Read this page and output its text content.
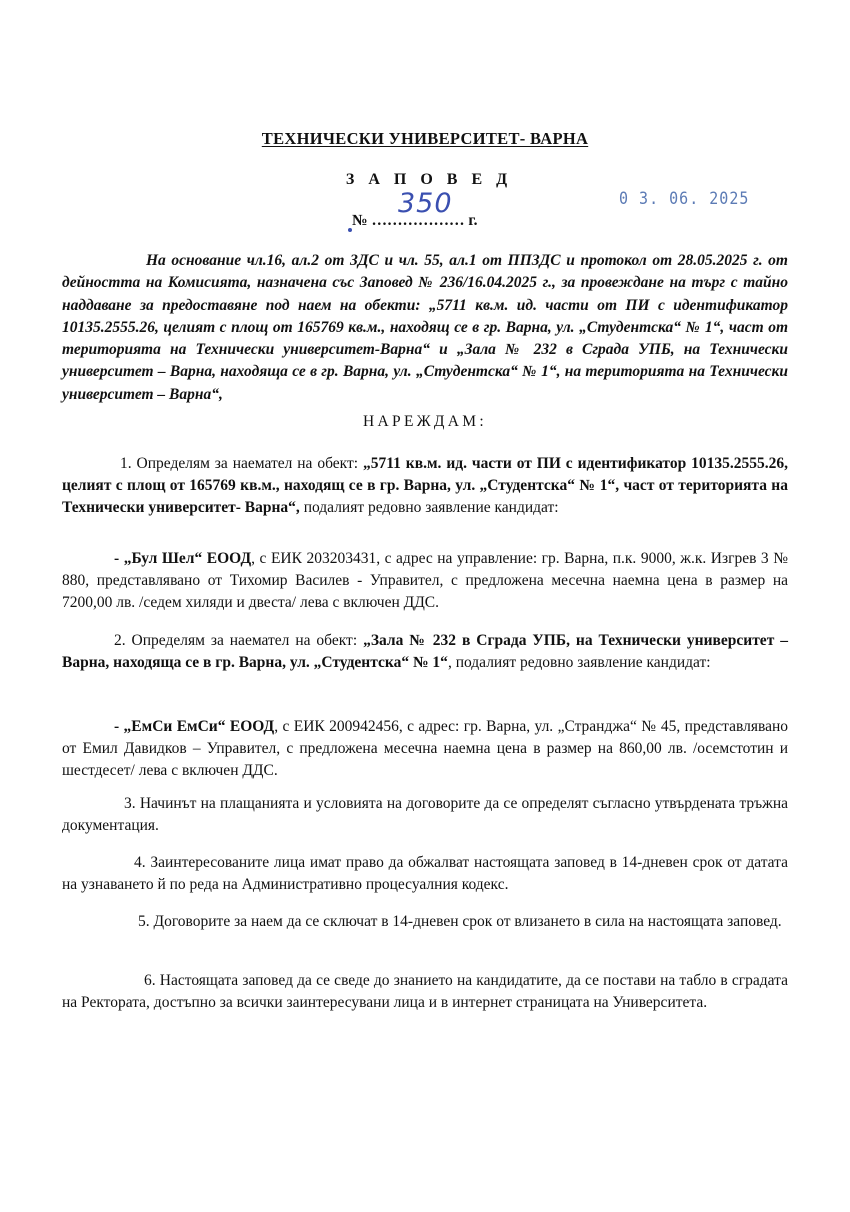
ТЕХНИЧЕСКИ УНИВЕРСИТЕТ- ВАРНА
З А П О В Е Д
№ ……………… г.
350	0 3. 06. 2025

На основание чл.16, ал.2 от ЗДС и чл. 55, ал.1 от ППЗДС и протокол от 28.05.2025 г. от дейността на Комисията, назначена със Заповед № 236/16.04.2025 г., за провеждане на търг с тайно наддаване за предоставяне под наем на обекти: „5711 кв.м. ид. части от ПИ с идентификатор 10135.2555.26, целият с площ от 165769 кв.м., находящ се в гр. Варна, ул. „Студентска“ № 1“, част от територията на Технически университет-Варна“ и „Зала № 232 в Сграда УПБ, на Технически университет – Варна, находяща се в гр. Варна, ул. „Студентска“ № 1“, на територията на Технически университет – Варна“,

НАРЕЖДАМ:

1. Определям за наемател на обект: „5711 кв.м. ид. части от ПИ с идентификатор 10135.2555.26, целият с площ от 165769 кв.м., находящ се в гр. Варна, ул. „Студентска“ № 1“, част от територията на Технически университет- Варна“, подалият редовно заявление кандидат:

- „Бул Шел“ ЕООД, с ЕИК 203203431, с адрес на управление: гр. Варна, п.к. 9000, ж.к. Изгрев 3 № 880, представлявано от Тихомир Василев - Управител, с предложена месечна наемна цена в размер на 7200,00 лв. /седем хиляди и двеста/ лева с включен ДДС.

2. Определям за наемател на обект: „Зала № 232 в Сграда УПБ, на Технически университет – Варна, находяща се в гр. Варна, ул. „Студентска“ № 1“, подалият редовно заявление кандидат:

- „ЕмСи ЕмСи“ ЕООД, с ЕИК 200942456, с адрес: гр. Варна, ул. „Странджа“ № 45, представлявано от Емил Давидков – Управител, с предложена месечна наемна цена в размер на 860,00 лв. /осемстотин и шестдесет/ лева с включен ДДС.

3. Начинът на плащанията и условията на договорите да се определят съгласно утвърдената тръжна документация.

4. Заинтересованите лица имат право да обжалват настоящата заповед в 14-дневен срок от датата на узнаването й по реда на Административно процесуалния кодекс.

5. Договорите за наем да се сключат в 14-дневен срок от влизането в сила на настоящата заповед.

6. Настоящата заповед да се сведе до знанието на кандидатите, да се постави на табло в сградата на Ректората, достъпно за всички заинтересувани лица и в интернет страницата на Университета.
